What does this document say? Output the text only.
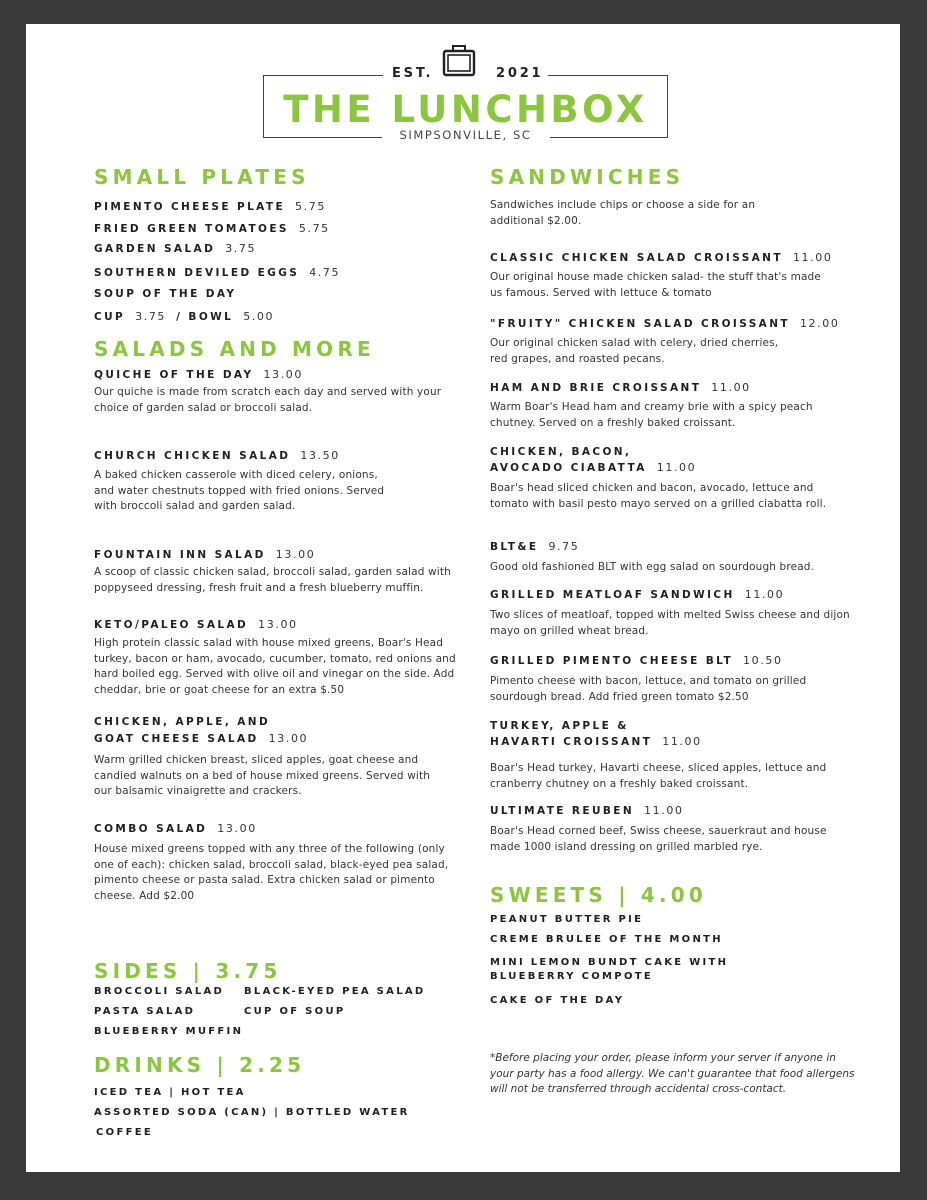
EST.	2021
THE LUNCHBOX
SIMPSONVILLE, SC
SMALL PLATES
PIMENTO CHEESE PLATE 5.75
FRIED GREEN TOMATOES 5.75
GARDEN SALAD 3.75
SOUTHERN DEVILED EGGS 4.75
SOUP OF THE DAY
CUP 3.75 / BOWL 5.00
SALADS AND MORE
QUICHE OF THE DAY 13.00
Our quiche is made from scratch each day and served with your choice of garden salad or broccoli salad.
CHURCH CHICKEN SALAD 13.50
A baked chicken casserole with diced celery, onions, and water chestnuts topped with fried onions. Served with broccoli salad and garden salad.
FOUNTAIN INN SALAD 13.00
A scoop of classic chicken salad, broccoli salad, garden salad with poppyseed dressing, fresh fruit and a fresh blueberry muffin.
KETO/PALEO SALAD 13.00
High protein classic salad with house mixed greens, Boar's Head turkey, bacon or ham, avocado, cucumber, tomato, red onions and hard boiled egg. Served with olive oil and vinegar on the side. Add cheddar, brie or goat cheese for an extra $.50
CHICKEN, APPLE, AND
GOAT CHEESE SALAD 13.00
Warm grilled chicken breast, sliced apples, goat cheese and candied walnuts on a bed of house mixed greens. Served with our balsamic vinaigrette and crackers.
COMBO SALAD 13.00
House mixed greens topped with any three of the following (only one of each): chicken salad, broccoli salad, black-eyed pea salad, pimento cheese or pasta salad. Extra chicken salad or pimento cheese. Add $2.00
SIDES | 3.75
BROCCOLI SALAD BLACK-EYED PEA SALAD
PASTA SALAD	CUP OF SOUP
BLUEBERRY MUFFIN
DRINKS | 2.25
ICED TEA | HOT TEA
ASSORTED SODA (CAN) | BOTTLED WATER
COFFEE
SANDWICHES
Sandwiches include chips or choose a side for an additional $2.00.
CLASSIC CHICKEN SALAD CROISSANT 11.00
Our original house made chicken salad- the stuff that's made us famous. Served with lettuce & tomato
"FRUITY" CHICKEN SALAD CROISSANT 12.00
Our original chicken salad with celery, dried cherries, red grapes, and roasted pecans.
HAM AND BRIE CROISSANT 11.00
Warm Boar's Head ham and creamy brie with a spicy peach chutney. Served on a freshly baked croissant.
CHICKEN, BACON,
AVOCADO CIABATTA 11.00
Boar's head sliced chicken and bacon, avocado, lettuce and tomato with basil pesto mayo served on a grilled ciabatta roll.
BLT&E 9.75
Good old fashioned BLT with egg salad on sourdough bread.
GRILLED MEATLOAF SANDWICH 11.00
Two slices of meatloaf, topped with melted Swiss cheese and dijon mayo on grilled wheat bread.
GRILLED PIMENTO CHEESE BLT 10.50
Pimento cheese with bacon, lettuce, and tomato on grilled sourdough bread. Add fried green tomato $2.50
TURKEY, APPLE &
HAVARTI CROISSANT 11.00
Boar's Head turkey, Havarti cheese, sliced apples, lettuce and cranberry chutney on a freshly baked croissant.
ULTIMATE REUBEN 11.00
Boar's Head corned beef, Swiss cheese, sauerkraut and house made 1000 island dressing on grilled marbled rye.
SWEETS | 4.00
PEANUT BUTTER PIE
CREME BRULEE OF THE MONTH
MINI LEMON BUNDT CAKE WITH
BLUEBERRY COMPOTE
CAKE OF THE DAY
*Before placing your order, please inform your server if anyone in your party has a food allergy. We can't guarantee that food allergens will not be transferred through accidental cross-contact.
